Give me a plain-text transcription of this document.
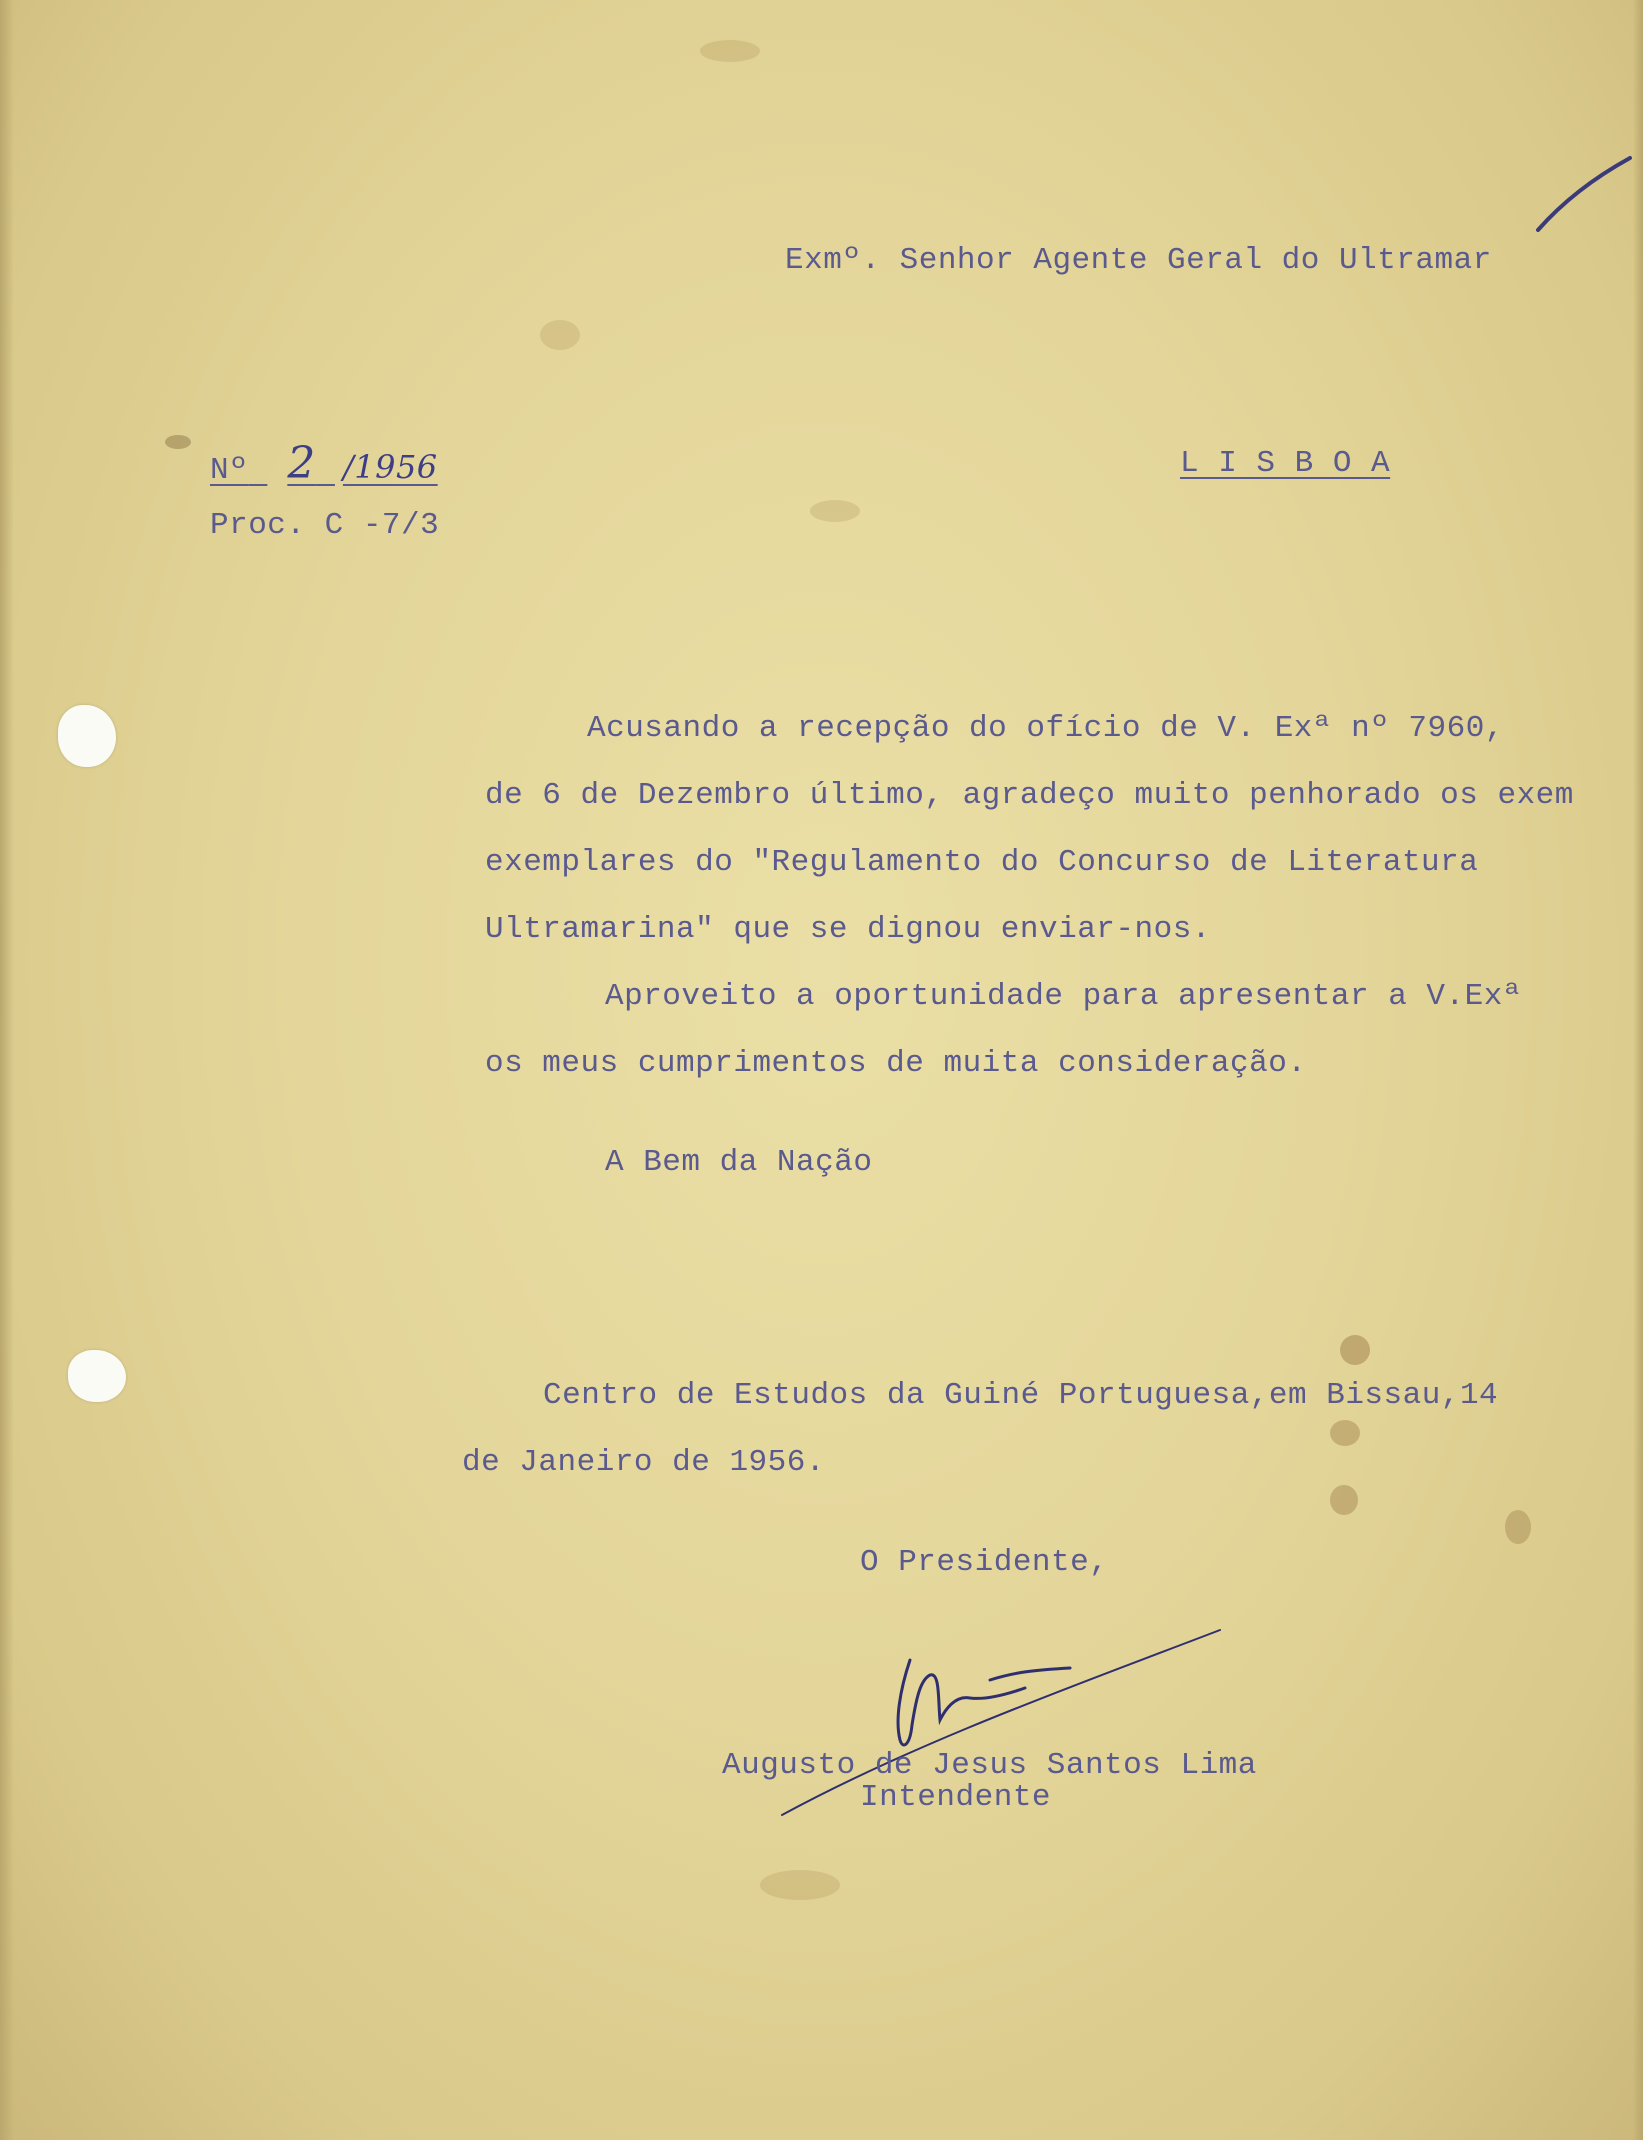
Exmº. Senhor Agente Geral do Ultramar
Nº 2 /1956
Proc. C -7/3
L I S B O A
Acusando a recepção do ofício de V. Exª nº 7960,
de 6 de Dezembro último, agradeço muito penhorado os exem
exemplares do "Regulamento do Concurso de Literatura
Ultramarina" que se dignou enviar-nos.
Aproveito a oportunidade para apresentar a V.Exª
os meus cumprimentos de muita consideração.
A Bem da Nação
Centro de Estudos da Guiné Portuguesa,em Bissau,14
de Janeiro de 1956.
O Presidente,
Augusto de Jesus Santos Lima
Intendente
